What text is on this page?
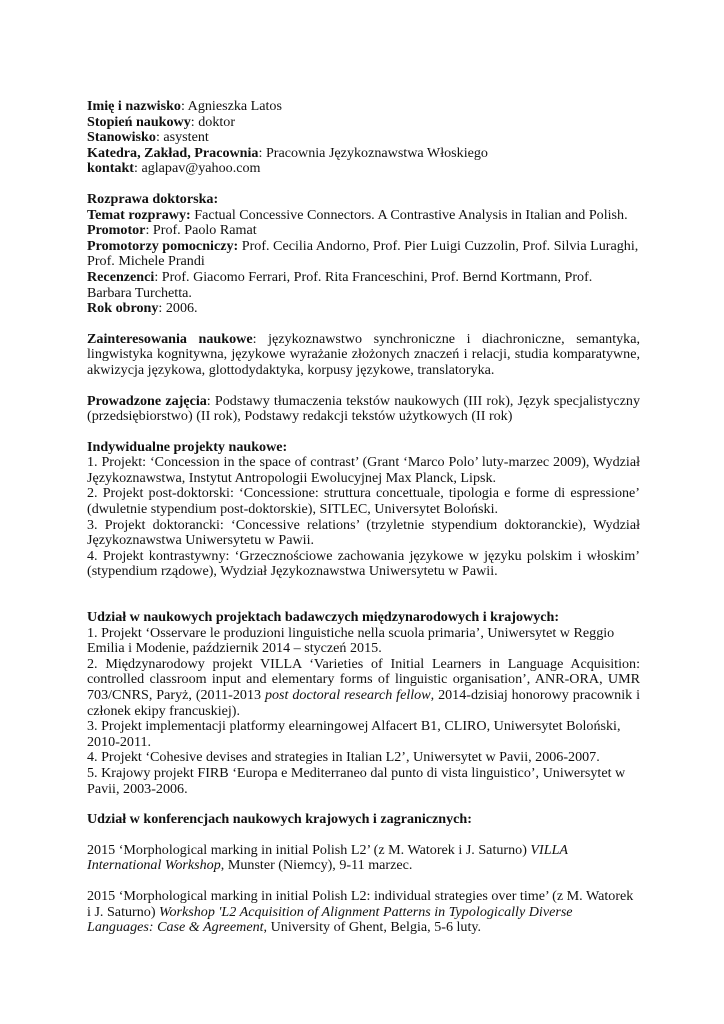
Imię i nazwisko: Agnieszka Latos

Stopień naukowy: doktor

Stanowisko: asystent

Katedra, Zakład, Pracownia: Pracownia Językoznawstwa Włoskiego

kontakt: aglapav@yahoo.com

Rozprawa doktorska:

Temat rozprawy: Factual Concessive Connectors. A Contrastive Analysis in Italian and Polish.

Promotor: Prof. Paolo Ramat

Promotorzy pomocniczy: Prof. Cecilia Andorno, Prof. Pier Luigi Cuzzolin, Prof. Silvia Luraghi, Prof. Michele Prandi

Recenzenci: Prof. Giacomo Ferrari, Prof. Rita Franceschini, Prof. Bernd Kortmann, Prof. Barbara Turchetta.

Rok obrony: 2006.

Zainteresowania naukowe: językoznawstwo synchroniczne i diachroniczne, semantyka, lingwistyka kognitywna, językowe wyrażanie złożonych znaczeń i relacji, studia komparatywne, akwizycja językowa, glottodydaktyka, korpusy językowe, translatoryka.

Prowadzone zajęcia: Podstawy tłumaczenia tekstów naukowych (III rok), Język specjalistyczny (przedsiębiorstwo) (II rok), Podstawy redakcji tekstów użytkowych (II rok)

Indywidualne projekty naukowe:

1. Projekt: ‘Concession in the space of contrast’ (Grant ‘Marco Polo’ luty-marzec 2009), Wydział Językoznawstwa, Instytut Antropologii Ewolucyjnej Max Planck, Lipsk.

2. Projekt post-doktorski: ‘Concessione: struttura concettuale, tipologia e forme di espressione’ (dwuletnie stypendium post-doktorskie), SITLEC, Universytet Boloński.

3. Projekt doktorancki: ‘Concessive relations’ (trzyletnie stypendium doktoranckie), Wydział Językoznawstwa Uniwersytetu w Pawii.

4. Projekt kontrastywny: ‘Grzecznościowe zachowania językowe w języku polskim i włoskim’ (stypendium rządowe), Wydział Językoznawstwa Uniwersytetu w Pawii.

Udział w naukowych projektach badawczych międzynarodowych i krajowych:

1. Projekt ‘Osservare le produzioni linguistiche nella scuola primaria’, Uniwersytet w Reggio Emilia i Modenie, październik 2014 – styczeń 2015.

2. Międzynarodowy projekt VILLA ‘Varieties of Initial Learners in Language Acquisition: controlled classroom input and elementary forms of linguistic organisation’, ANR-ORA, UMR 703/CNRS, Paryż, (2011-2013 post doctoral research fellow, 2014-dzisiaj honorowy pracownik i członek ekipy francuskiej).

3. Projekt implementacji platformy elearningowej Alfacert B1, CLIRO, Uniwersytet Boloński, 2010-2011.

4. Projekt ‘Cohesive devises and strategies in Italian L2’, Uniwersytet w Pavii, 2006-2007.

5. Krajowy projekt FIRB ‘Europa e Mediterraneo dal punto di vista linguistico’, Uniwersytet w Pavii, 2003-2006.

Udział w konferencjach naukowych krajowych i zagranicznych:

2015 ‘Morphological marking in initial Polish L2’ (z M. Watorek i J. Saturno) VILLA International Workshop, Munster (Niemcy), 9-11 marzec.

2015 ‘Morphological marking in initial Polish L2: individual strategies over time’ (z M. Watorek i J. Saturno) Workshop 'L2 Acquisition of Alignment Patterns in Typologically Diverse Languages: Case & Agreement, University of Ghent, Belgia, 5-6 luty.
